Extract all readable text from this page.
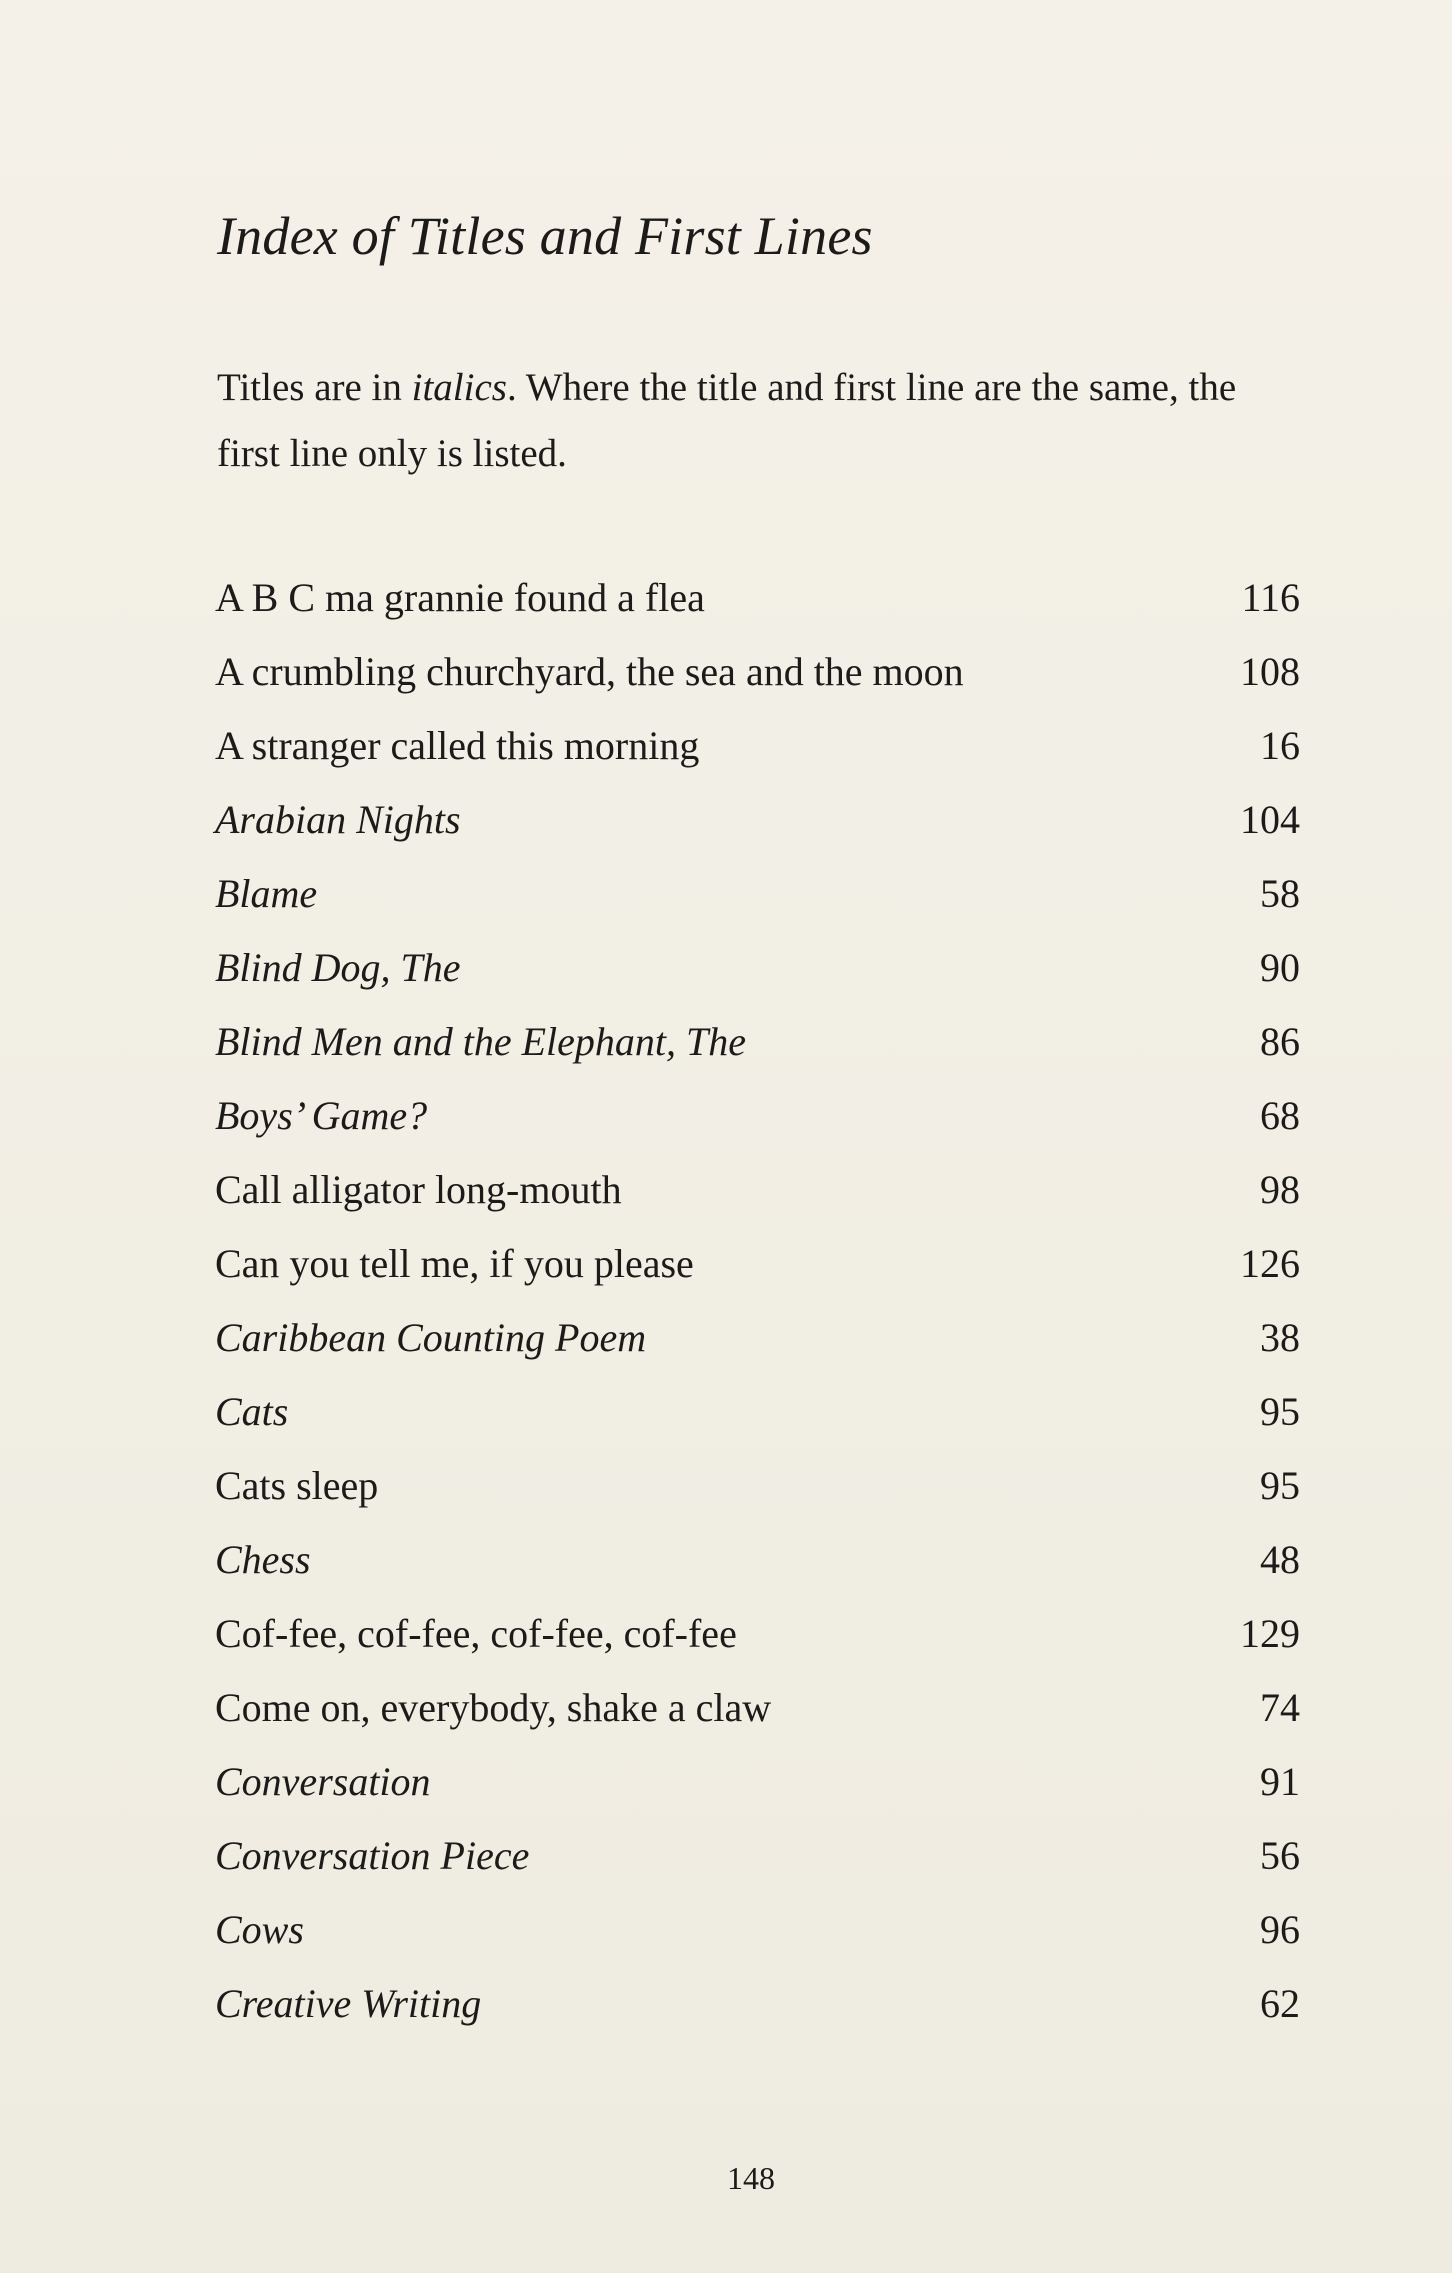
Index of Titles and First Lines

Titles are in italics. Where the title and first line are the same, the first line only is listed.

A B C ma grannie found a flea	116
A crumbling churchyard, the sea and the moon	108
A stranger called this morning	16
Arabian Nights	104
Blame	58
Blind Dog, The	90
Blind Men and the Elephant, The	86
Boys’ Game?	68
Call alligator long-mouth	98
Can you tell me, if you please	126
Caribbean Counting Poem	38
Cats	95
Cats sleep	95
Chess	48
Cof-fee, cof-fee, cof-fee, cof-fee	129
Come on, everybody, shake a claw	74
Conversation	91
Conversation Piece	56
Cows	96
Creative Writing	62

148
